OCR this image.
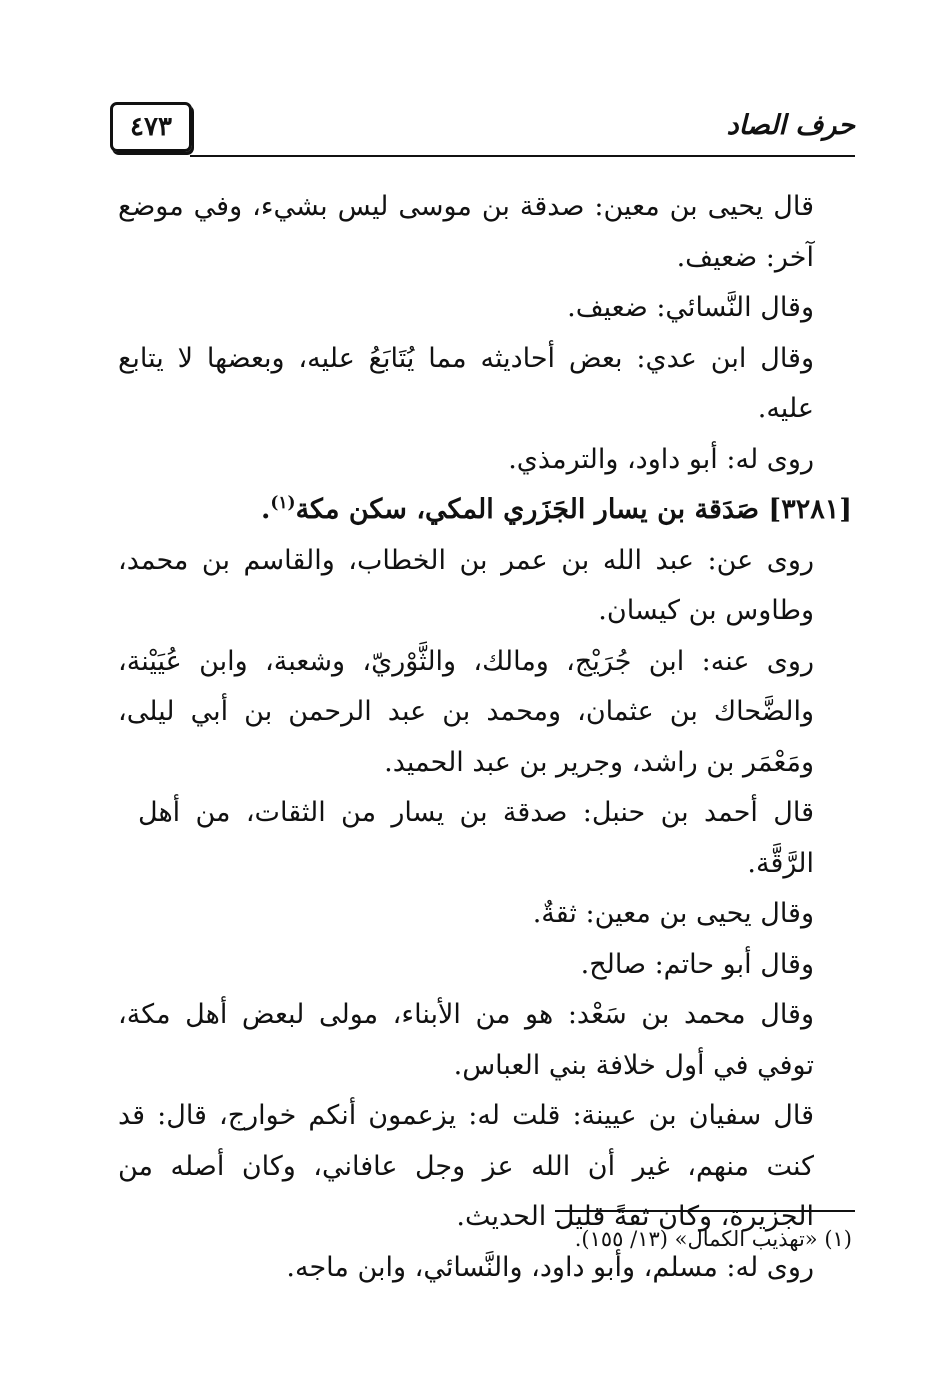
٤٧٣	حرف الصاد

قال يحيى بن معين: صدقة بن موسى ليس بشيء، وفي موضع آخر: ضعيف.

وقال النَّسائي: ضعيف.

وقال ابن عدي: بعض أحاديثه مما يُتَابَعُ عليه، وبعضها لا يتابع عليه.

روى له: أبو داود، والترمذي.

[٣٢٨١] صَدَقة بن يسار الجَزَري المكي، سكن مكة$^{(١)}$.

روى عن: عبد الله بن عمر بن الخطاب، والقاسم بن محمد، وطاوس بن كيسان.

روى عنه: ابن جُرَيْج، ومالك، والثَّوْريّ، وشعبة، وابن عُيَيْنة، والضَّحاك بن عثمان، ومحمد بن عبد الرحمن بن أبي ليلى، ومَعْمَر بن راشد، وجرير بن عبد الحميد.

قال أحمد بن حنبل: صدقة بن يسار من الثقات، من أهل الرَّقَّة.

وقال يحيى بن معين: ثقةٌ.

وقال أبو حاتم: صالح.

وقال محمد بن سَعْد: هو من الأبناء، مولى لبعض أهل مكة، توفي في أول خلافة بني العباس.

قال سفيان بن عيينة: قلت له: يزعمون أنكم خوارج، قال: قد كنت منهم، غير أن الله عز وجل عافاني، وكان أصله من الجزيرة، وكان ثقةً قليل الحديث.

روى له: مسلم، وأبو داود، والنَّسائي، وابن ماجه.

(١) «تهذيب الكمال» (١٣/ ١٥٥).
